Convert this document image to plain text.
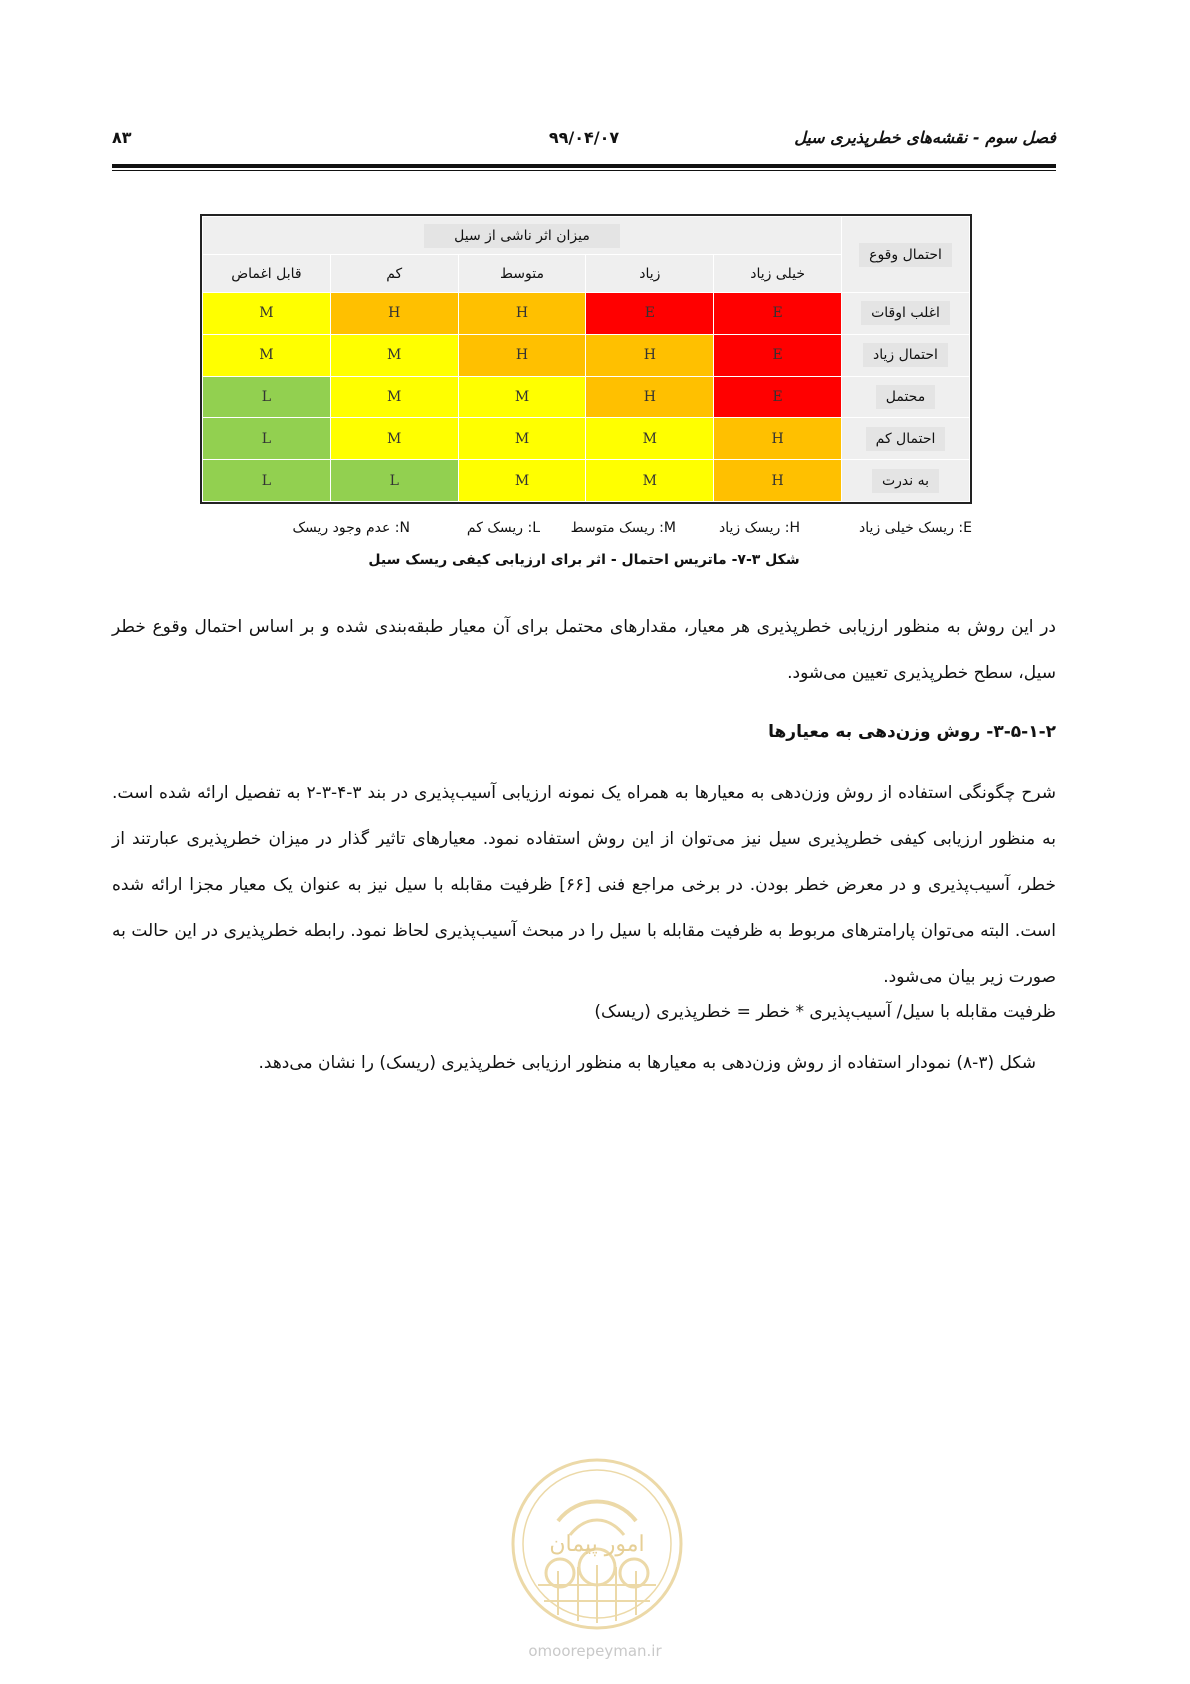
فصل سوم - نقشه‌های خطرپذیری سیل
۹۹/۰۴/۰۷
۸۳
احتمال وقوع	میزان اثر ناشی از سیل				
	خیلی زیاد	زیاد	متوسط	کم	قابل اغماض
اغلب اوقات	E	E	H	H	M
احتمال زیاد	E	H	H	M	M
محتمل	E	H	M	M	L
احتمال کم	H	M	M	M	L
به ندرت	H	M	M	L	L
E: ریسک خیلی زیاد
H: ریسک زیاد
M: ریسک متوسط
L: ریسک کم
N: عدم وجود ریسک
شکل ۳-۷- ماتریس احتمال - اثر برای ارزیابی کیفی ریسک سیل

در این روش به منظور ارزیابی خطرپذیری هر معیار، مقدارهای محتمل برای آن معیار طبقه‌بندی شده و بر اساس احتمال وقوع خطر سیل، سطح خطرپذیری تعیین می‌شود.

۳-۵-۱-۲- روش وزن‌دهی به معیارها

شرح چگونگی استفاده از روش وزن‌دهی به معیارها به همراه یک نمونه ارزیابی آسیب‌پذیری در بند ۳-۴-۳-۲ به تفصیل ارائه شده است. به منظور ارزیابی کیفی خطرپذیری سیل نیز می‌توان از این روش استفاده نمود. معیارهای تاثیر گذار در میزان خطرپذیری عبارتند از خطر، آسیب‌پذیری و در معرض خطر بودن. در برخی مراجع فنی [۶۶] ظرفیت مقابله با سیل نیز به عنوان یک معیار مجزا ارائه شده است. البته می‌توان پارامترهای مربوط به ظرفیت مقابله با سیل را در مبحث آسیب‌پذیری لحاظ نمود. رابطه خطرپذیری در این حالت به صورت زیر بیان می‌شود.

ظرفیت مقابله با سیل/ آسیب‌پذیری * خطر = خطرپذیری (ریسک)

شکل (۳-۸) نمودار استفاده از روش وزن‌دهی به معیارها به منظور ارزیابی خطرپذیری (ریسک) را نشان می‌دهد.

امور پیمان
omoorepeyman.ir
